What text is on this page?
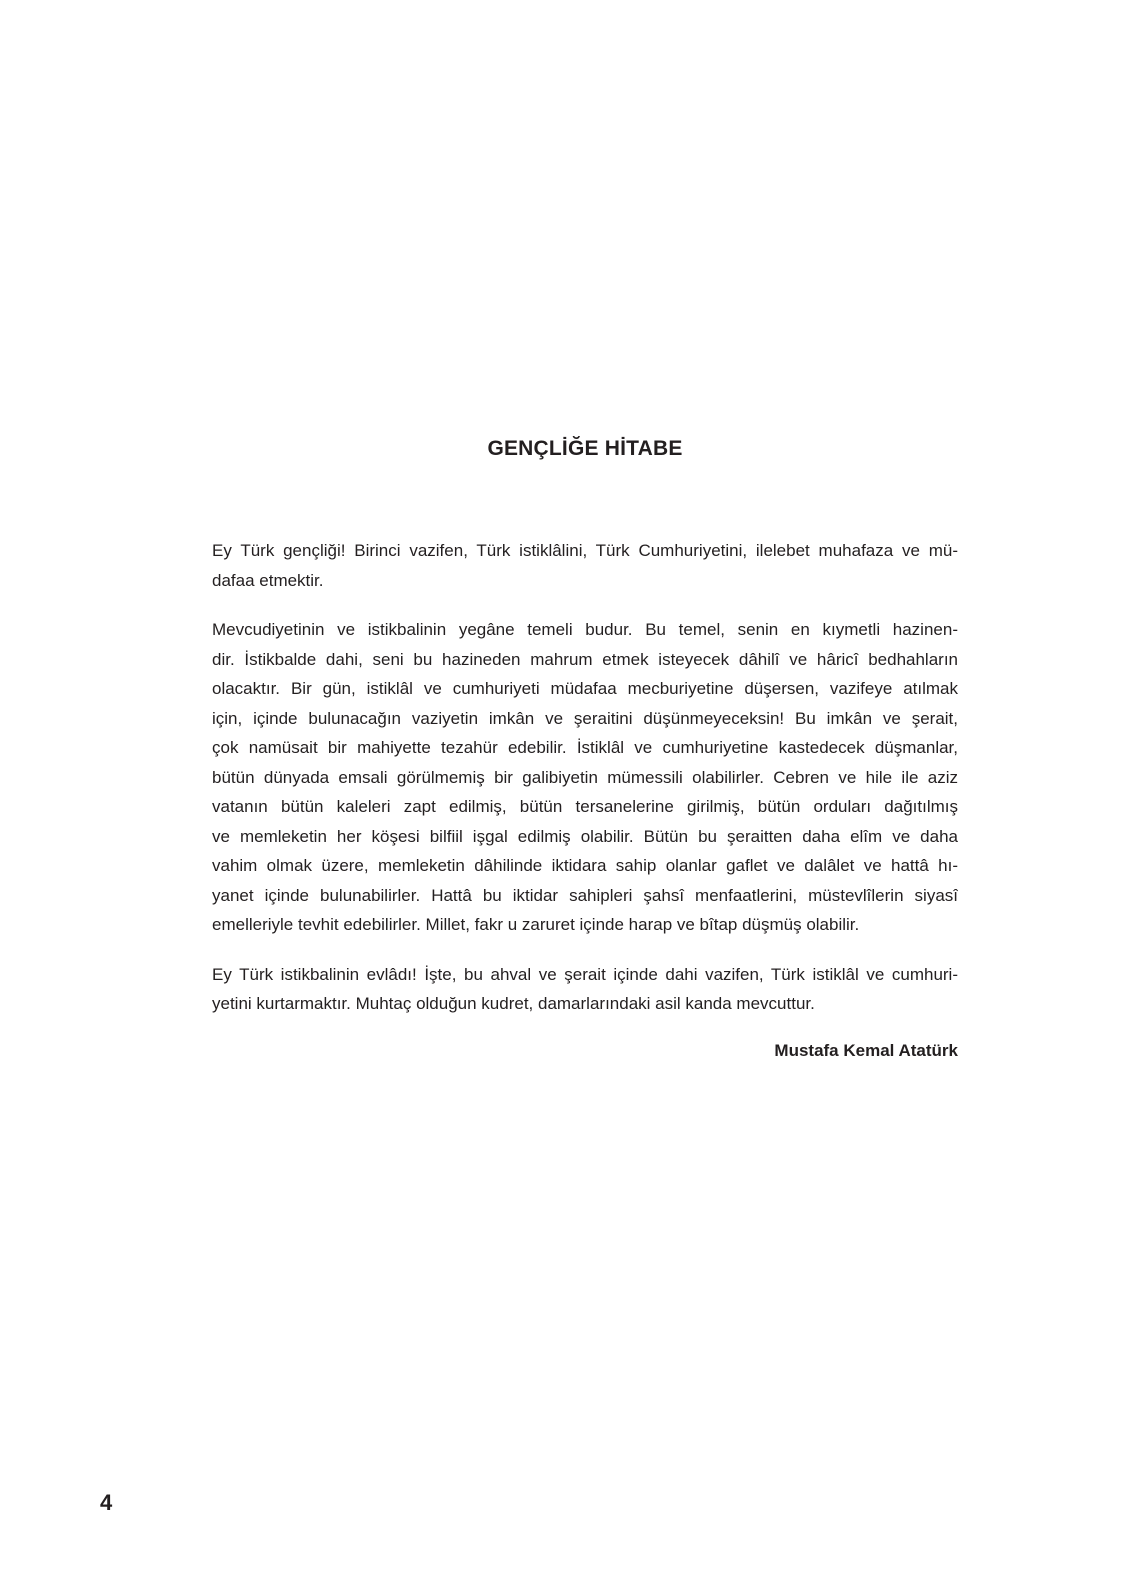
GENÇLİĞE HİTABE

Ey Türk gençliği! Birinci vazifen, Türk istiklâlini, Türk Cumhuriyetini, ilelebet muhafaza ve mü-
dafaa etmektir.

Mevcudiyetinin ve istikbalinin yegâne temeli budur. Bu temel, senin en kıymetli hazinen-
dir. İstikbalde dahi, seni bu hazineden mahrum etmek isteyecek dâhilî ve hâricî bedhahların
olacaktır. Bir gün, istiklâl ve cumhuriyeti müdafaa mecburiyetine düşersen, vazifeye atılmak
için, içinde bulunacağın vaziyetin imkân ve şeraitini düşünmeyeceksin! Bu imkân ve şerait,
çok namüsait bir mahiyette tezahür edebilir. İstiklâl ve cumhuriyetine kastedecek düşmanlar,
bütün dünyada emsali görülmemiş bir galibiyetin mümessili olabilirler. Cebren ve hile ile aziz
vatanın bütün kaleleri zapt edilmiş, bütün tersanelerine girilmiş, bütün orduları dağıtılmış
ve memleketin her köşesi bilfiil işgal edilmiş olabilir. Bütün bu şeraitten daha elîm ve daha
vahim olmak üzere, memleketin dâhilinde iktidara sahip olanlar gaflet ve dalâlet ve hattâ hı-
yanet içinde bulunabilirler. Hattâ bu iktidar sahipleri şahsî menfaatlerini, müstevlîlerin siyasî
emelleriyle tevhit edebilirler. Millet, fakr u zaruret içinde harap ve bîtap düşmüş olabilir.

Ey Türk istikbalinin evlâdı! İşte, bu ahval ve şerait içinde dahi vazifen, Türk istiklâl ve cumhuri-
yetini kurtarmaktır. Muhtaç olduğun kudret, damarlarındaki asil kanda mevcuttur.

Mustafa Kemal Atatürk

4
